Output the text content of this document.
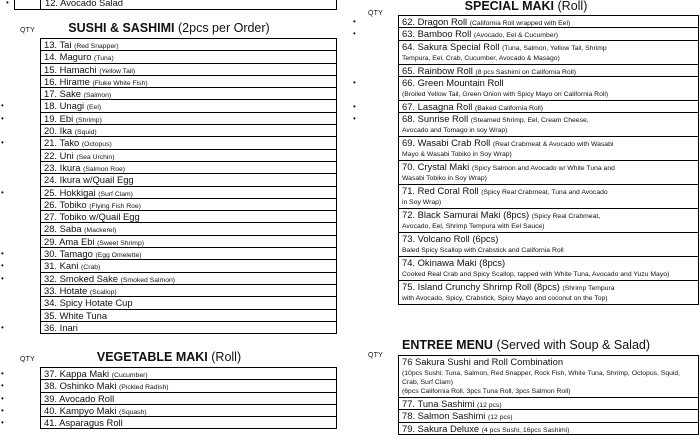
•	12. Avocado Salad
QTY	SUSHI & SASHIMI (2pcs per Order)
13. Tai (Red Snapper)
14. Maguro (Tuna)
15. Hamachi (Yellow Tail)
16. Hirame (Fluke White Fish)
17. Sake (Salmon)
•	18. Unagi (Eel)
•	19. Ebi (Shrimp)
20. Ika (Squid)
•	21. Tako (Octopus)
22. Uni (Sea Urchin)
23. Ikura (Salmon Roe)
24. Ikura w/Quail Egg
•	25. Hokkigai (Surf Clam)
26. Tobiko (Flying Fish Roe)
27. Tobiko w/Quail Egg
28. Saba (Mackerel)
29. Ama Ebi (Sweet Shrimp)
•	30. Tamago (Egg Omelette)
•	31. Kani (Crab)
•	32. Smoked Sake (Smoked Salmon)
33. Hotate (Scallop)
34. Spicy Hotate Cup
35. White Tuna
•	36. Inari
QTY	VEGETABLE MAKI (Roll)
•	37. Kappa Maki (Cucumber)
•	38. Oshinko Maki (Pickled Radish)
•	39. Avocado Roll
•	40. Kampyo Maki (Squash)
•	41. Asparagus Roll
QTY
SPECIAL MAKI (Roll)
•	62. Dragon Roll (California Roll wrapped with Eel)
•	63. Bamboo Roll (Avocado, Eel & Cucumber)
64. Sakura Special Roll (Tuna, Salmon, Yellow Tail, Shrimp
Tempura, Eel, Crab, Cucumber, Avocado & Masago)
65. Rainbow Roll (8 pcs Sashimi on California Roll)
•	66. Green Mountain Roll
(Broiled Yellow Tail, Green Onion with Spicy Mayo on California Roll)
•	67. Lasagna Roll (Baked California Roll)
•	68. Sunrise Roll (Steamed Shrimp, Eel, Cream Cheese,
Avocado and Tomago in soy Wrap)
69. Wasabi Crab Roll (Real Crabmeat & Avocado with Wasabi
Mayo & Wasabi Tobiko in Soy Wrap)
70. Crystal Maki (Spicy Salmon and Avocado w/ White Tuna and
Wasabi Tobiko in Soy Wrap)
71. Red Coral Roll (Spicy Real Crabmeat, Tuna and Avocado
in Soy Wrap)
72. Black Samurai Maki (8pcs) (Spicy Real Crabmeat,
Avocado, Eel, Shrimp Tempura with Eel Sauce)
73. Volcano Roll (6pcs)
Baled Spicy Scallop with Crabstick and California Roll
74. Okinawa Maki (8pcs)
Cooked Real Crab and Spicy Scallop, tapped with White Tuna, Avocado and Yuzu Mayo)
75. Island Crunchy Shrimp Roll (8pcs) (Shrimp Tempura
with Avocado, Spicy, Crabstick, Spicy Mayo and coconut on the Top)
QTY
ENTREE MENU (Served with Soup & Salad)
76 Sakura Sushi and Roll Combination
(10pcs Sushi: Tuna, Salmon, Red Snapper, Rock Fish, White Tuna, Shrimp, Octopus, Squid, Crab, Surf Clam)
(6pcs California Roll, 3pcs Tuna Roll, 3pcs Salmon Roll)
77. Tuna Sashimi (12 pcs)
78. Salmon Sashimi (12 pcs)
79. Sakura Deluxe (4 pcs Sushi, 16pcs Sashimi)
